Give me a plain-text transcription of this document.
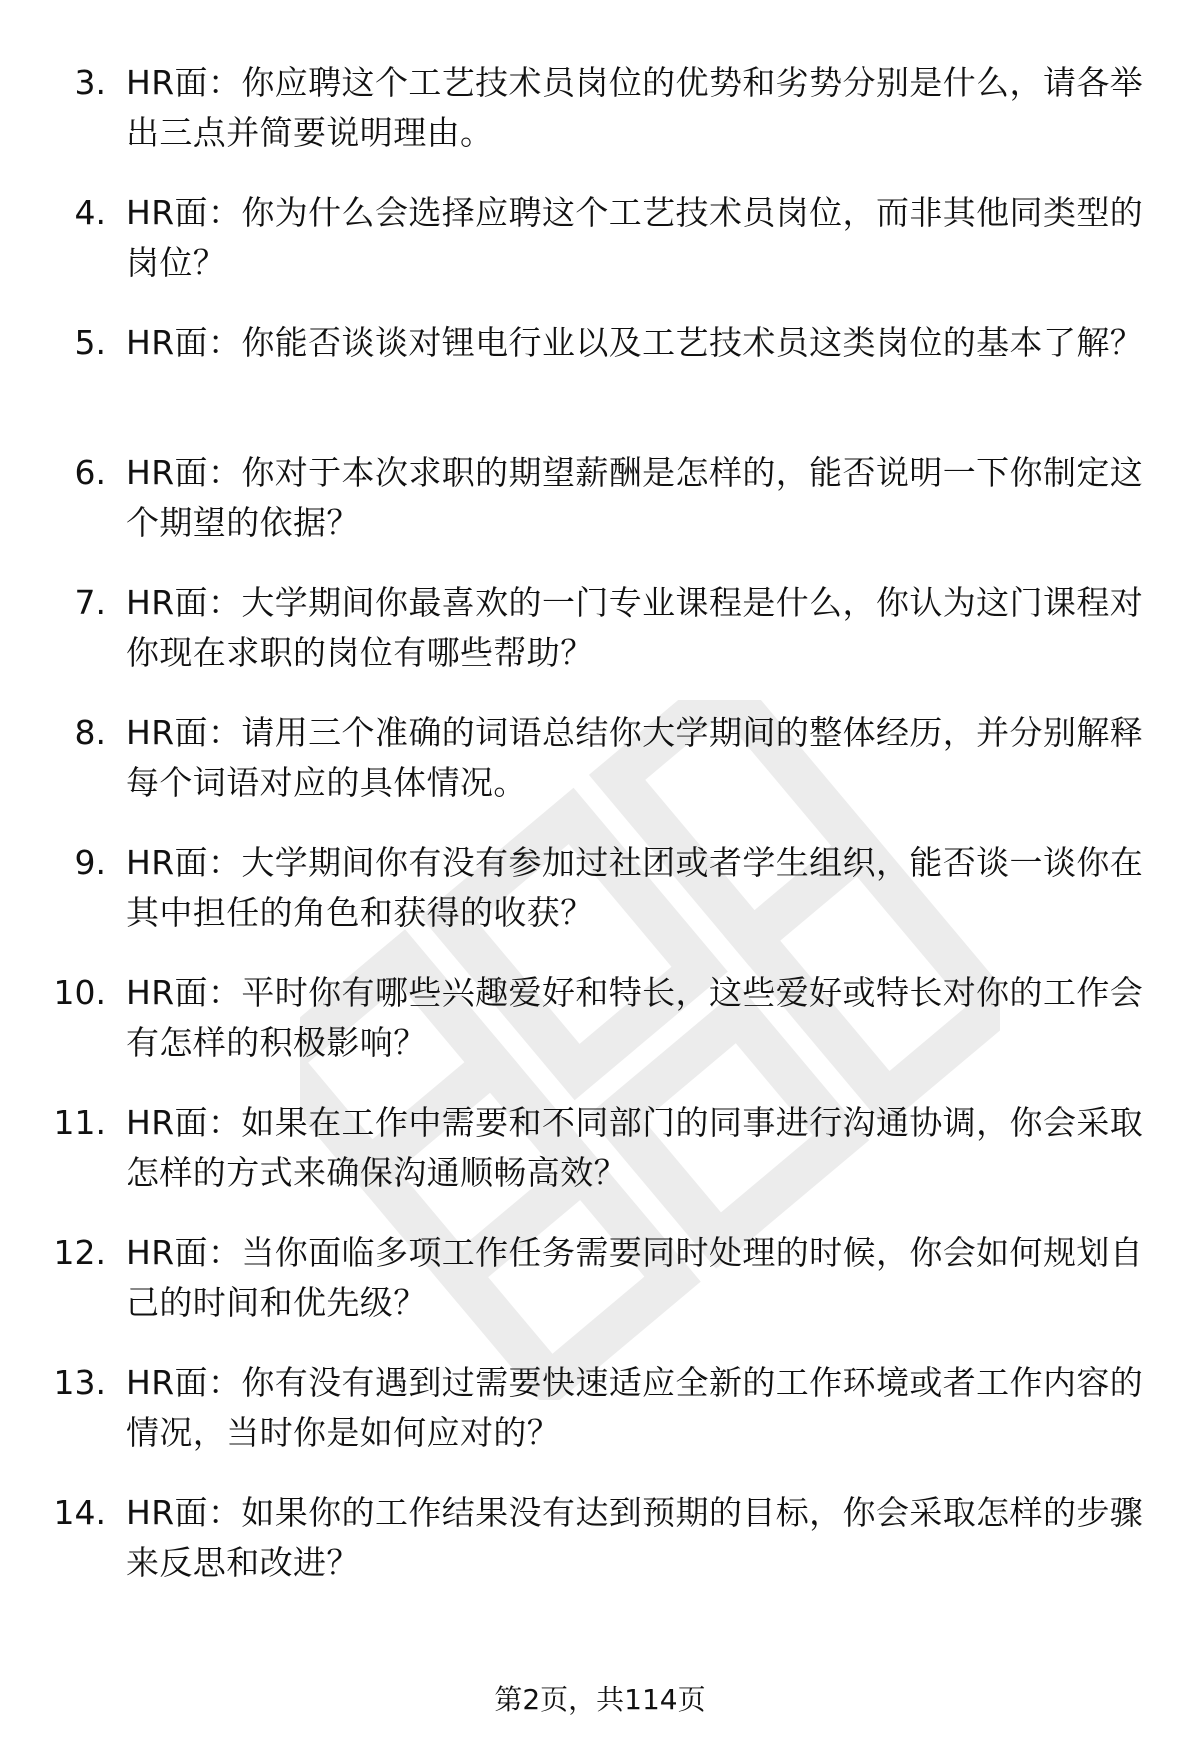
3. HR面：你应聘这个工艺技术员岗位的优势和劣势分别是什么，请各举出三点并简要说明理由。
4. HR面：你为什么会选择应聘这个工艺技术员岗位，而非其他同类型的岗位？
5. HR面：你能否谈谈对锂电行业以及工艺技术员这类岗位的基本了解？
6. HR面：你对于本次求职的期望薪酬是怎样的，能否说明一下你制定这个期望的依据？
7. HR面：大学期间你最喜欢的一门专业课程是什么，你认为这门课程对你现在求职的岗位有哪些帮助？
8. HR面：请用三个准确的词语总结你大学期间的整体经历，并分别解释每个词语对应的具体情况。
9. HR面：大学期间你有没有参加过社团或者学生组织，能否谈一谈你在其中担任的角色和获得的收获？
10. HR面：平时你有哪些兴趣爱好和特长，这些爱好或特长对你的工作会有怎样的积极影响？
11. HR面：如果在工作中需要和不同部门的同事进行沟通协调，你会采取怎样的方式来确保沟通顺畅高效？
12. HR面：当你面临多项工作任务需要同时处理的时候，你会如何规划自己的时间和优先级？
13. HR面：你有没有遇到过需要快速适应全新的工作环境或者工作内容的情况，当时你是如何应对的？
14. HR面：如果你的工作结果没有达到预期的目标，你会采取怎样的步骤来反思和改进？
第2页，共114页
